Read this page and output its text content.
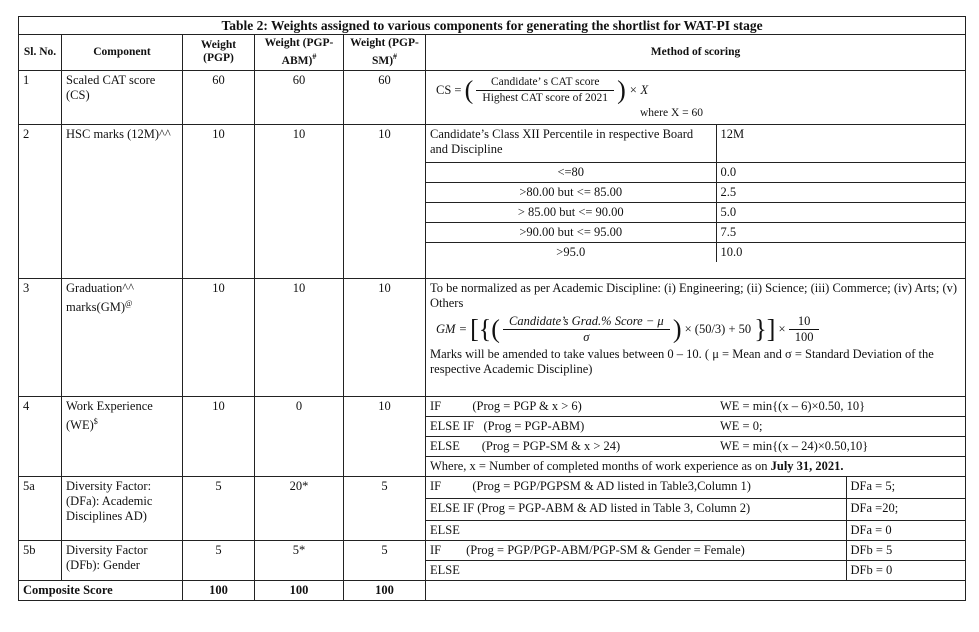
Table 2: Weights assigned to various components for generating the shortlist for WAT-PI stage
Sl. No.	Component	Weight (PGP)	Weight (PGP-ABM)#	Weight (PGP-SM)#	Method of scoring
1	Scaled CAT score (CS)	60	60	60	
CS = ( $\frac{\text{Candidate’ s CAT score}}{\text{Highest CAT score of 2021}}$ ) × X
where X = 60

2	HSC marks (12M)^^	10	10	10		Candidate’s Class XII Percentile in respective Board and Discipline	12M
<=80	0.0
>80.00 but <= 85.00	2.5
> 85.00 but <= 90.00	5.0
>90.00 but <= 95.00	7.5
>95.0	10.0

3	Graduation^^ marks(GM)@	10	10	10	To be normalized as per Academic Discipline: (i) Engineering; (ii) Science; (iii) Commerce; (iv) Arts; (v) Others
GM = [{( $\frac{\text{Candidate’s Grad.\% Score − μ}}{\sigma}$ ) × (50/3) + 50 }] × $\frac{10}{100}$
Marks will be amended to take values between 0 – 10. ( μ = Mean and σ = Standard Deviation of the respective Academic Discipline)

4	Work Experience (WE)$	10	0	10		IF          (Prog = PGP & x > 6)	WE = min{(x – 6)×0.50, 10}
ELSE IF   (Prog = PGP-ABM)	WE = 0;
ELSE       (Prog = PGP-SM & x > 24)	WE = min{(x – 24)×0.50,10}
Where, x = Number of completed months of work experience as on July 31, 2021.

5a	Diversity Factor: (DFa): Academic Disciplines AD)	5	20*	5		IF          (Prog = PGP/PGPSM & AD listed in Table3,Column 1)	DFa = 5;
ELSE IF (Prog = PGP-ABM & AD listed in Table 3, Column 2)	DFa =20;
ELSE	DFa = 0

5b	Diversity Factor (DFb): Gender	5	5*	5		IF        (Prog = PGP/PGP-ABM/PGP-SM & Gender = Female)	DFb = 5
ELSE	DFb = 0

Composite Score	100	100	100	
